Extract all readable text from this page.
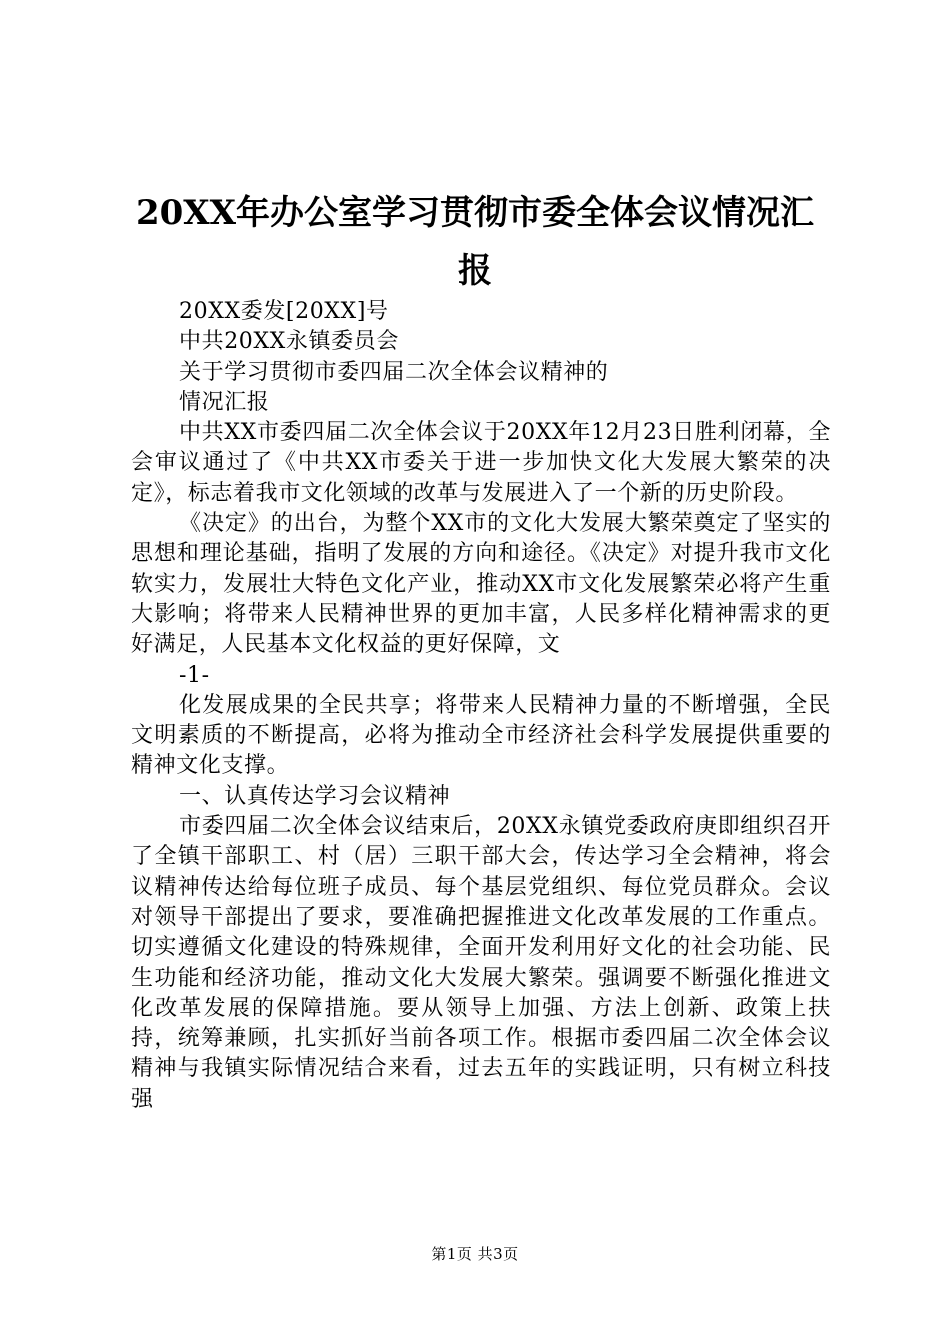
20XX年办公室学习贯彻市委全体会议情况汇
报

20XX委发[20XX]号

中共20XX永镇委员会

关于学习贯彻市委四届二次全体会议精神的

情况汇报

中共XX市委四届二次全体会议于20XX年12月23日胜利闭幕，全会审议通过了《中共XX市委关于进一步加快文化大发展大繁荣的决定》，标志着我市文化领域的改革与发展进入了一个新的历史阶段。

《决定》的出台，为整个XX市的文化大发展大繁荣奠定了坚实的思想和理论基础，指明了发展的方向和途径。《决定》对提升我市文化软实力，发展壮大特色文化产业，推动XX市文化发展繁荣必将产生重大影响；将带来人民精神世界的更加丰富，人民多样化精神需求的更好满足，人民基本文化权益的更好保障，文

-1-

化发展成果的全民共享；将带来人民精神力量的不断增强，全民文明素质的不断提高，必将为推动全市经济社会科学发展提供重要的精神文化支撑。

一、认真传达学习会议精神

市委四届二次全体会议结束后，20XX永镇党委政府庚即组织召开了全镇干部职工、村（居）三职干部大会，传达学习全会精神，将会议精神传达给每位班子成员、每个基层党组织、每位党员群众。会议对领导干部提出了要求，要准确把握推进文化改革发展的工作重点。切实遵循文化建设的特殊规律，全面开发利用好文化的社会功能、民生功能和经济功能，推动文化大发展大繁荣。强调要不断强化推进文化改革发展的保障措施。要从领导上加强、方法上创新、政策上扶持，统筹兼顾，扎实抓好当前各项工作。根据市委四届二次全体会议精神与我镇实际情况结合来看，过去五年的实践证明，只有树立科技强

第1页 共3页
